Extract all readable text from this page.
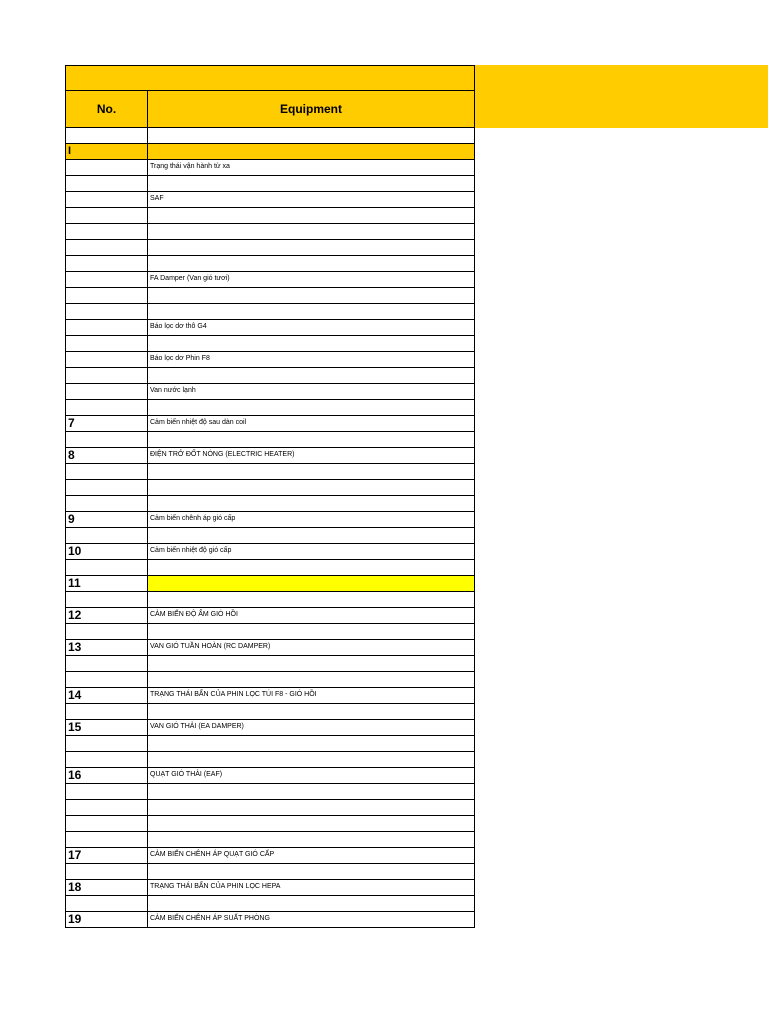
No.	Equipment

I	
	Trạng thái vận hành từ xa

	SAF

	FA Damper (Van gió tươi)

	Báo lọc dơ thô G4

	Báo lọc dơ Phin F8

	Van nước lạnh

7	Cảm biến nhiệt độ sau dàn coil

8	ĐIỆN TRỞ ĐỐT NÓNG (ELECTRIC HEATER)

9	Cảm biến chênh áp gió cấp

10	Cảm biến nhiệt độ gió cấp

11	

12	CẢM BIẾN ĐỘ ẨM GIÓ HỒI

13	VAN GIÓ TUẦN HOÀN (RC DAMPER)

14	TRẠNG THÁI BẨN CỦA PHIN LỌC TÚI F8 - GIÓ HỒI

15	VAN GIÓ THẢI (EA DAMPER)

16	QUẠT GIÓ THẢI (EAF)

17	CẢM BIẾN CHÊNH ÁP QUẠT GIÓ CẤP

18	TRẠNG THÁI BẨN CỦA PHIN LỌC HEPA

19	CẢM BIẾN CHÊNH ÁP SUẤT PHÒNG
